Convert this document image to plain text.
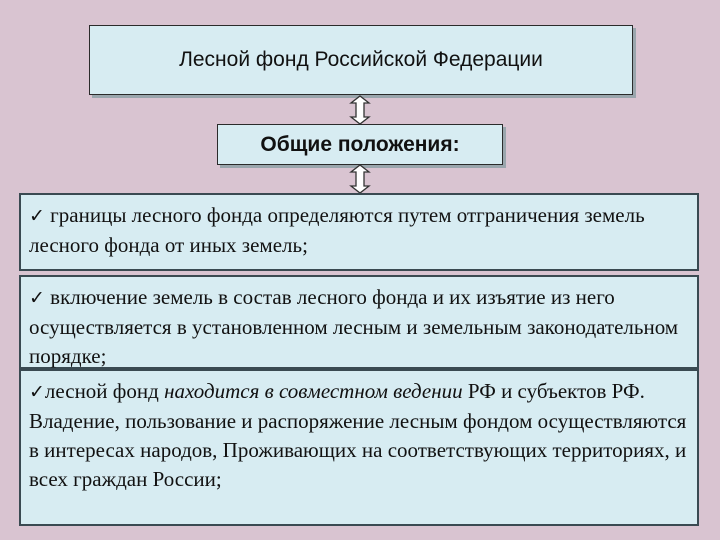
Лесной фонд Российской Федерации
Общие положения:
✓ границы лесного фонда определяются путем отграничения земель лесного фонда от иных земель;
✓ включение земель в состав лесного фонда и их изъятие из него осуществляется в установленном лесным и земельным законодательном порядке;
✓лесной фонд находится в совместном ведении РФ и субъектов РФ. Владение, пользование и распоряжение лесным фондом осуществляются в интересах народов, Проживающих на соответствующих территориях, и всех граждан России;
